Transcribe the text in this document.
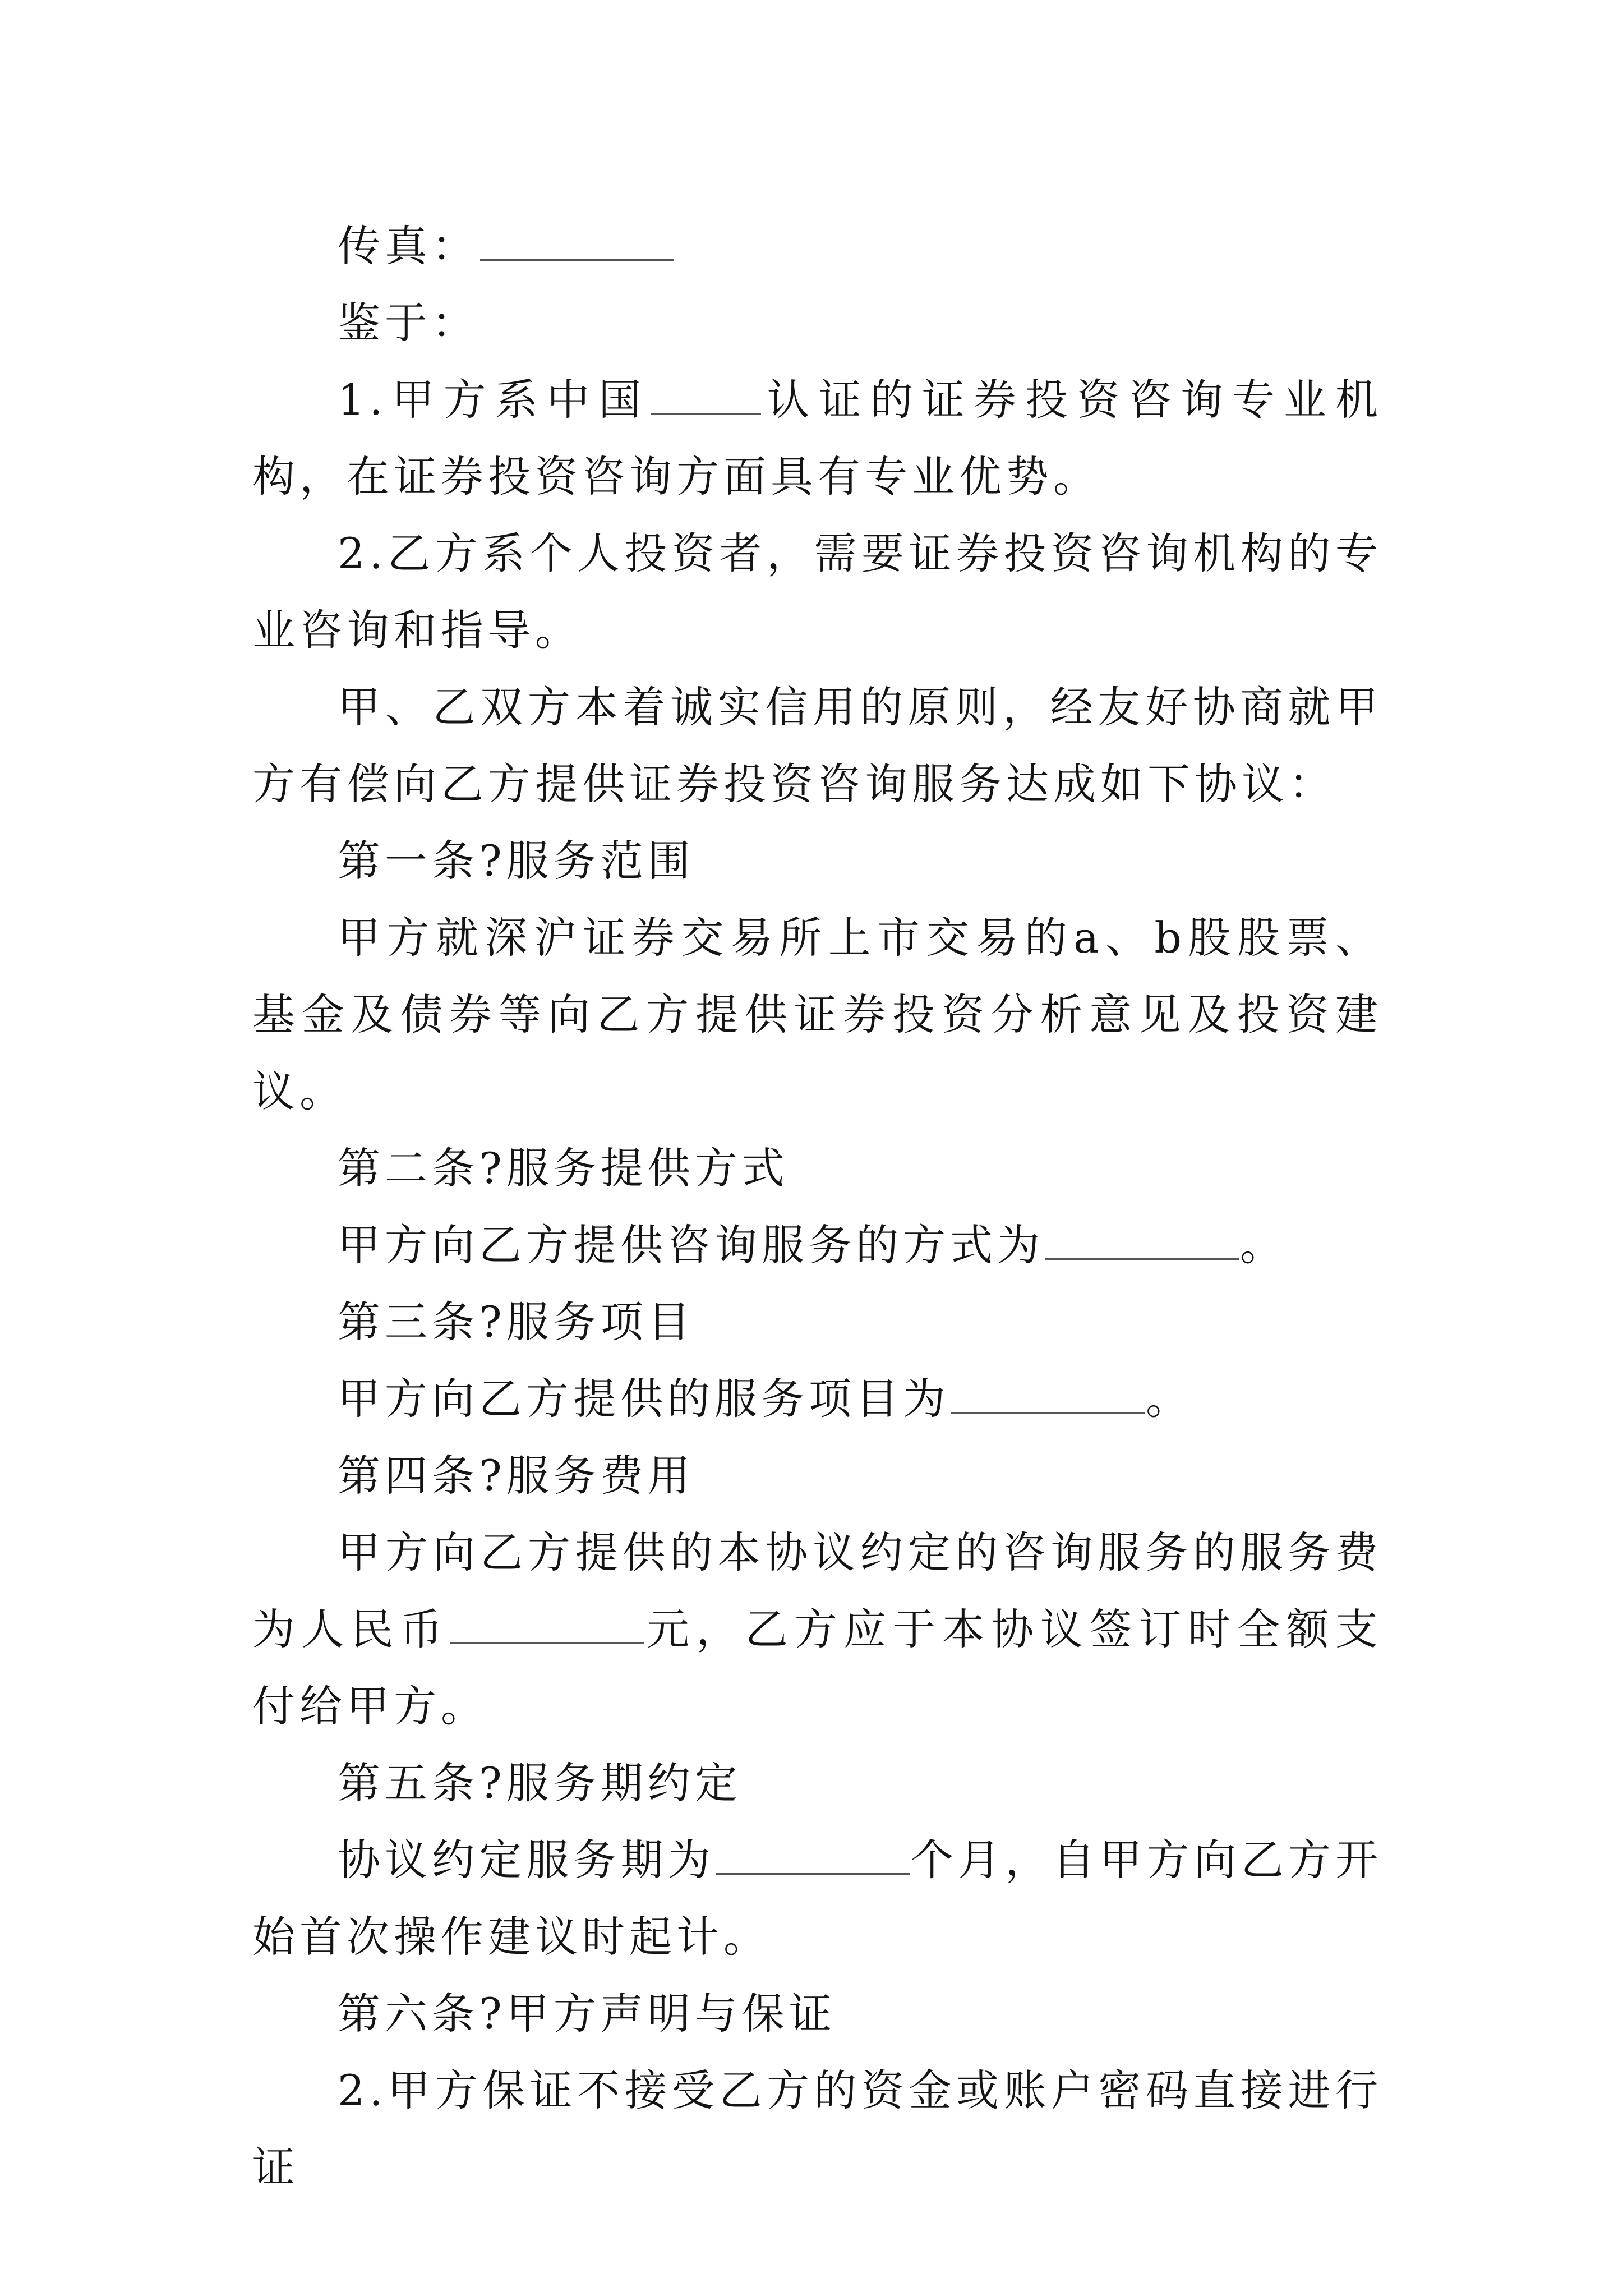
传真：

鉴于：

1.甲方系中国	认证的证券投资咨询专业机构，在证券投资咨询方面具有专业优势。

2.乙方系个人投资者，需要证券投资咨询机构的专业咨询和指导。

甲、乙双方本着诚实信用的原则，经友好协商就甲方有偿向乙方提供证券投资咨询服务达成如下协议：

第一条?服务范围

甲方就深沪证券交易所上市交易的a、b股股票、基金及债券等向乙方提供证券投资分析意见及投资建议。

第二条?服务提供方式

甲方向乙方提供咨询服务的方式为	。

第三条?服务项目

甲方向乙方提供的服务项目为	。

第四条?服务费用

甲方向乙方提供的本协议约定的咨询服务的服务费为人民币	元，乙方应于本协议签订时全额支付给甲方。

第五条?服务期约定

协议约定服务期为	个月，自甲方向乙方开始首次操作建议时起计。

第六条?甲方声明与保证

2.甲方保证不接受乙方的资金或账户密码直接进行证
